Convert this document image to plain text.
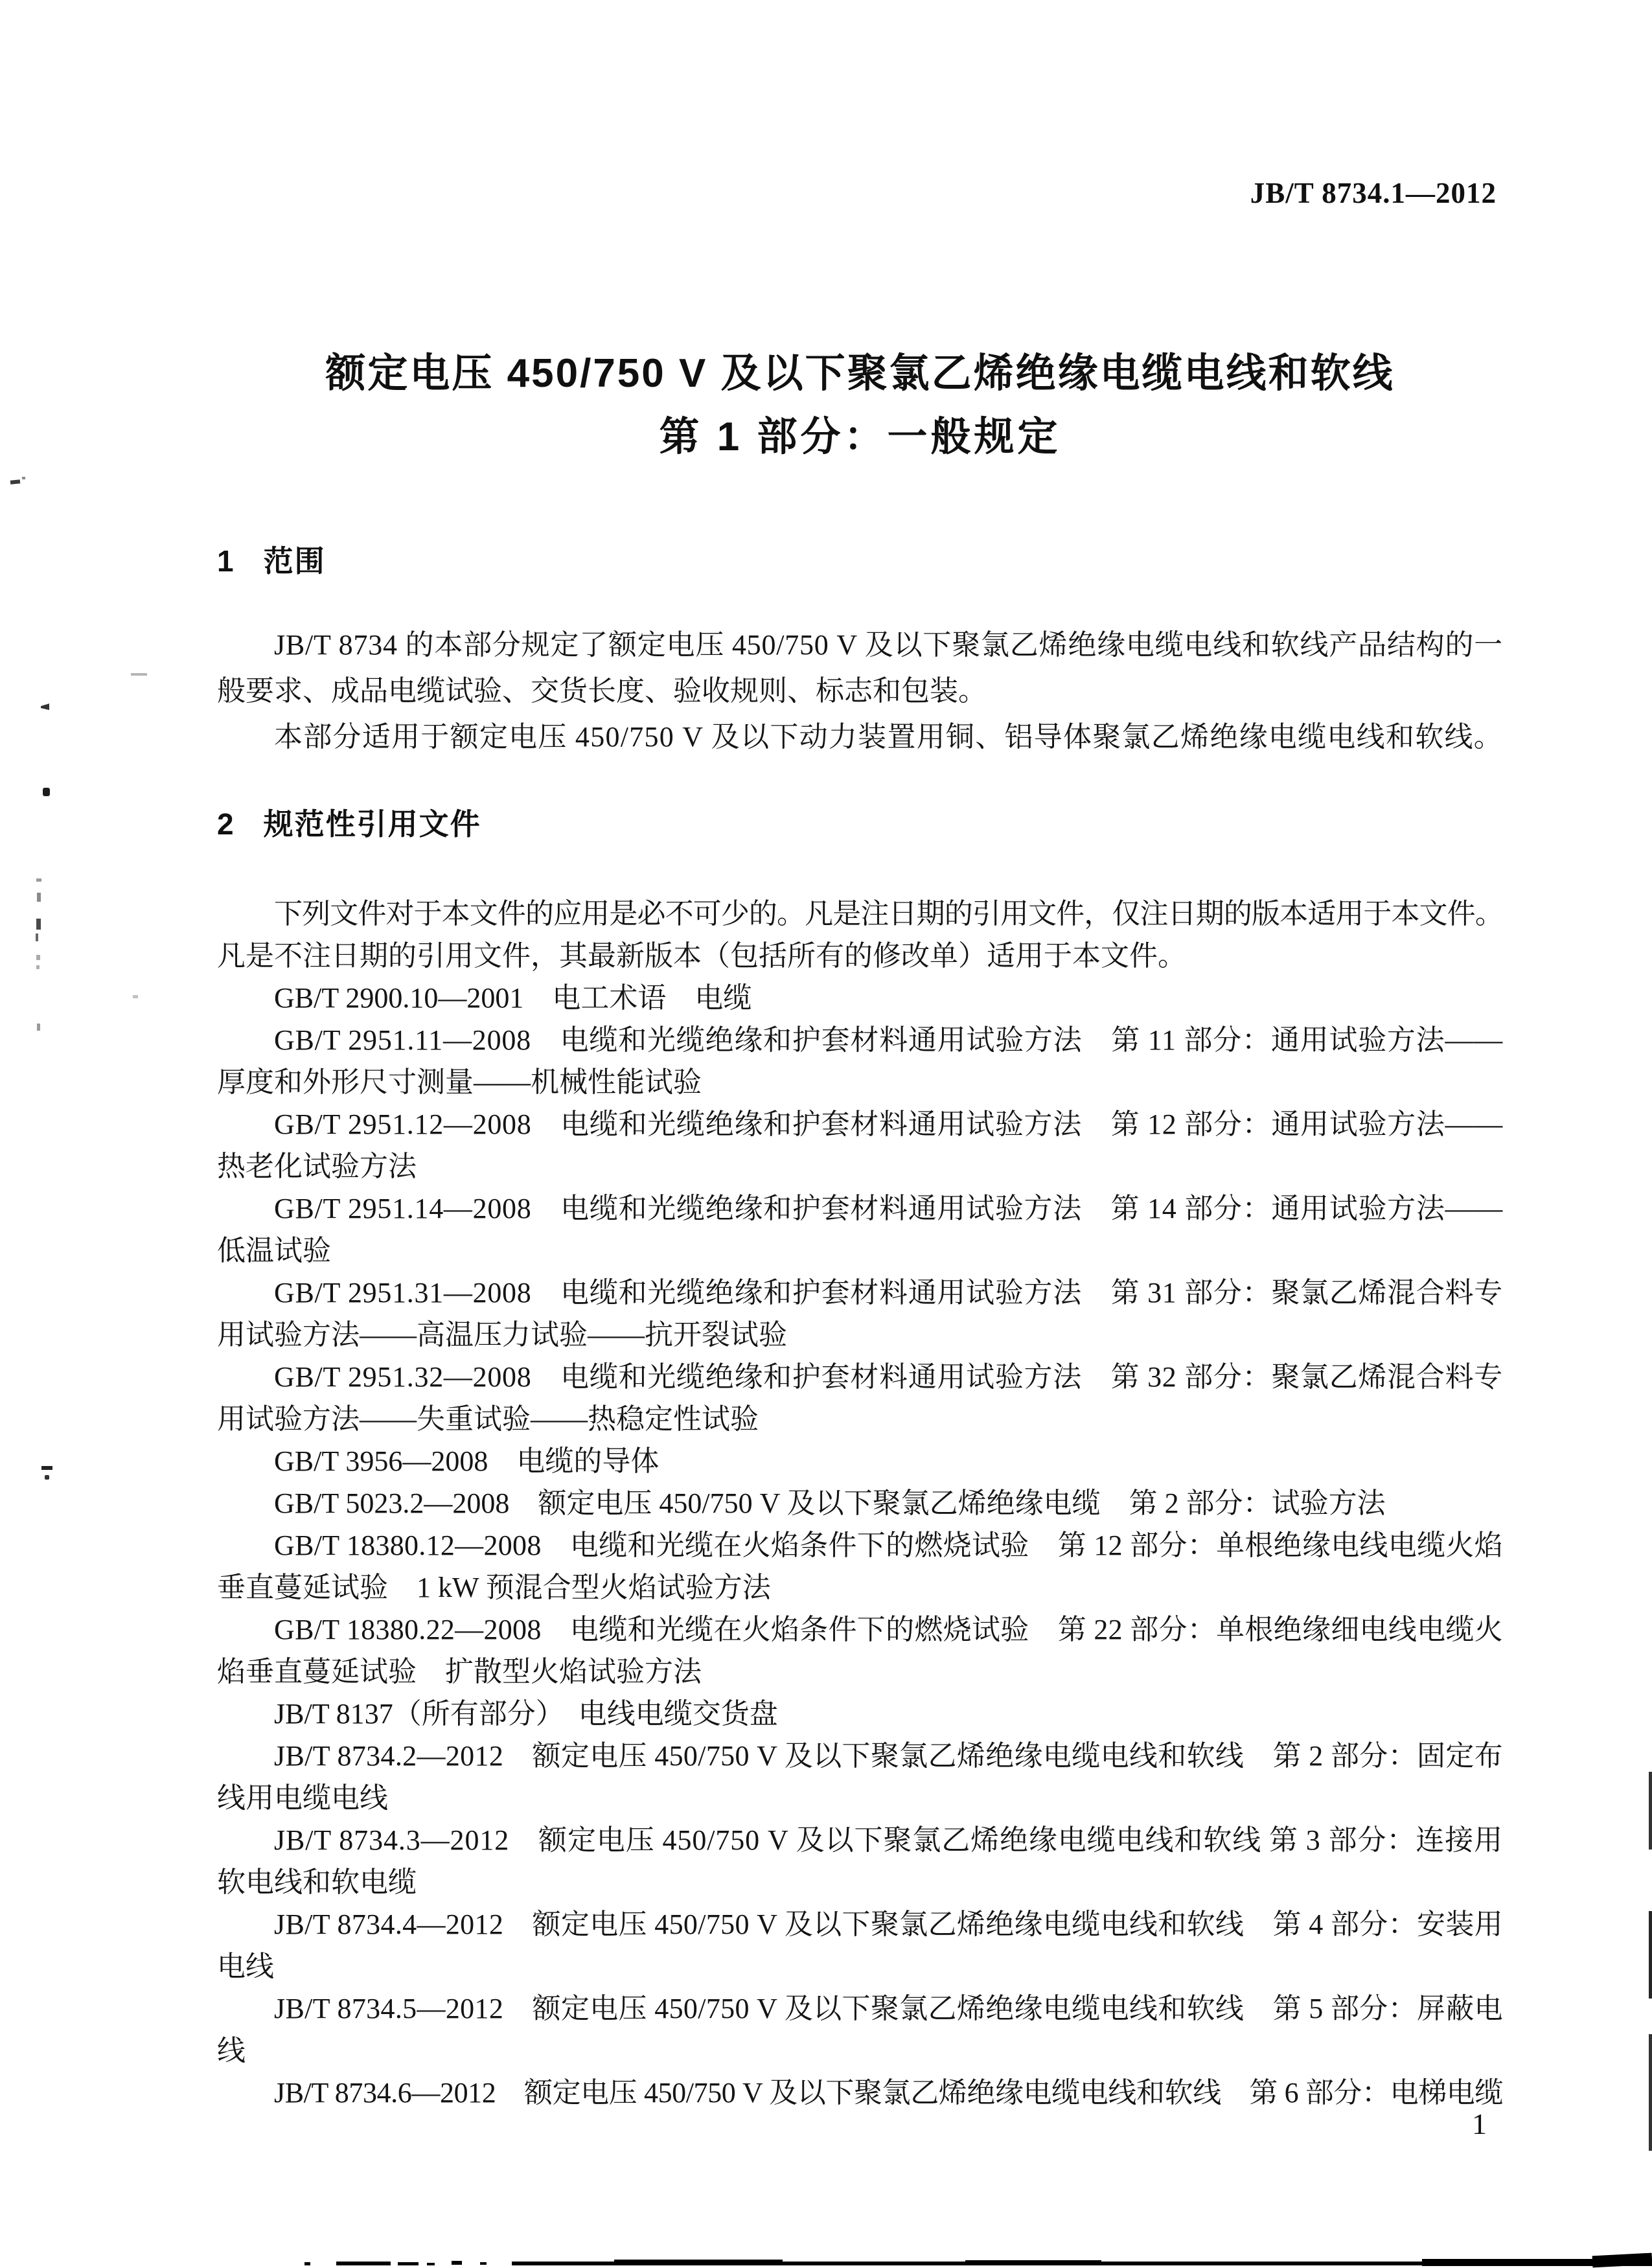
JB/T 8734.1—2012
额定电压 450/750 V 及以下聚氯乙烯绝缘电缆电线和软线
第 1 部分：一般规定
1 范围
JB/T 8734 的本部分规定了额定电压 450/750 V 及以下聚氯乙烯绝缘电缆电线和软线产品结构的一
般要求、成品电缆试验、交货长度、验收规则、标志和包装。
本部分适用于额定电压 450/750 V 及以下动力装置用铜、铝导体聚氯乙烯绝缘电缆电线和软线。
2 规范性引用文件
下列文件对于本文件的应用是必不可少的。凡是注日期的引用文件，仅注日期的版本适用于本文件。
凡是不注日期的引用文件，其最新版本（包括所有的修改单）适用于本文件。
GB/T 2900.10—2001　电工术语　电缆
GB/T 2951.11—2008　电缆和光缆绝缘和护套材料通用试验方法　第 11 部分：通用试验方法——
厚度和外形尺寸测量——机械性能试验
GB/T 2951.12—2008　电缆和光缆绝缘和护套材料通用试验方法　第 12 部分：通用试验方法——
热老化试验方法
GB/T 2951.14—2008　电缆和光缆绝缘和护套材料通用试验方法　第 14 部分：通用试验方法——
低温试验
GB/T 2951.31—2008　电缆和光缆绝缘和护套材料通用试验方法　第 31 部分：聚氯乙烯混合料专
用试验方法——高温压力试验——抗开裂试验
GB/T 2951.32—2008　电缆和光缆绝缘和护套材料通用试验方法　第 32 部分：聚氯乙烯混合料专
用试验方法——失重试验——热稳定性试验
GB/T 3956—2008　电缆的导体
GB/T 5023.2—2008　额定电压 450/750 V 及以下聚氯乙烯绝缘电缆　第 2 部分：试验方法
GB/T 18380.12—2008　电缆和光缆在火焰条件下的燃烧试验　第 12 部分：单根绝缘电线电缆火焰
垂直蔓延试验　1 kW 预混合型火焰试验方法
GB/T 18380.22—2008　电缆和光缆在火焰条件下的燃烧试验　第 22 部分：单根绝缘细电线电缆火
焰垂直蔓延试验　扩散型火焰试验方法
JB/T 8137（所有部分）　电线电缆交货盘
JB/T 8734.2—2012　额定电压 450/750 V 及以下聚氯乙烯绝缘电缆电线和软线　第 2 部分：固定布
线用电缆电线
JB/T 8734.3—2012　额定电压 450/750 V 及以下聚氯乙烯绝缘电缆电线和软线 第 3 部分：连接用
软电线和软电缆
JB/T 8734.4—2012　额定电压 450/750 V 及以下聚氯乙烯绝缘电缆电线和软线　第 4 部分：安装用
电线
JB/T 8734.5—2012　额定电压 450/750 V 及以下聚氯乙烯绝缘电缆电线和软线　第 5 部分：屏蔽电
线
JB/T 8734.6—2012　额定电压 450/750 V 及以下聚氯乙烯绝缘电缆电线和软线　第 6 部分：电梯电缆
1
